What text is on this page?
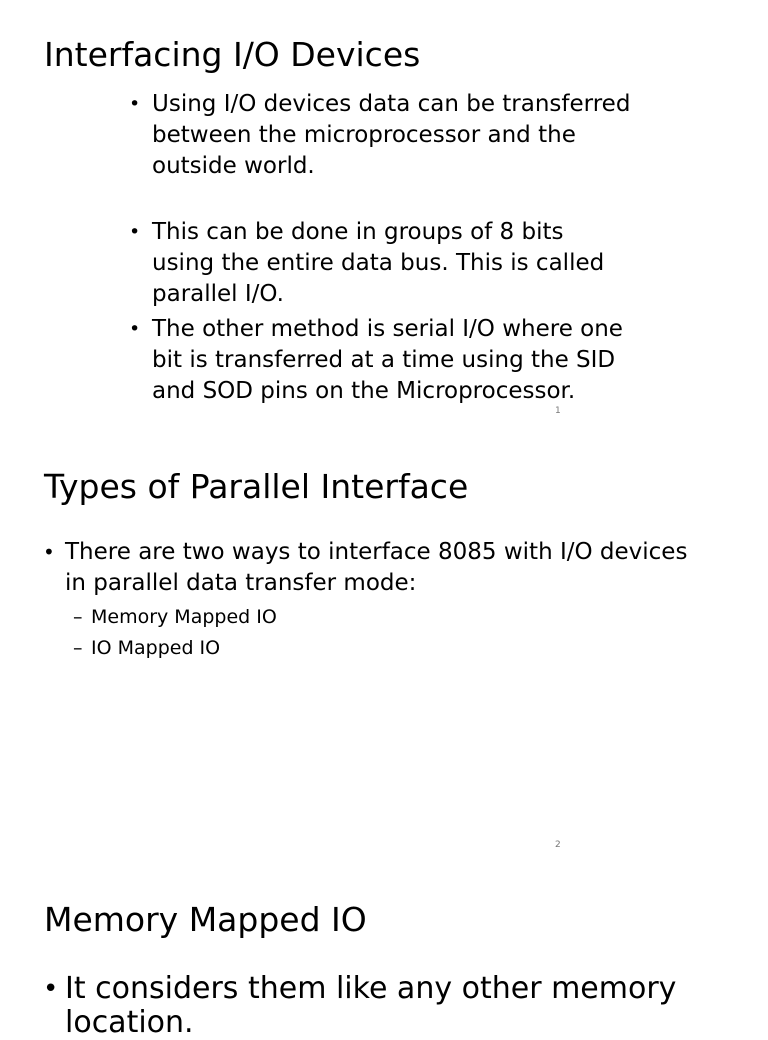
Interfacing I/O Devices

• Using I/O devices data can be transferred between the microprocessor and the outside world.

• This can be done in groups of 8 bits using the entire data bus. This is called parallel I/O.

• The other method is serial I/O where one bit is transferred at a time using the SID and SOD pins on the Microprocessor.

1
Types of Parallel Interface

• There are two ways to interface 8085 with I/O devices in parallel data transfer mode:

– Memory Mapped IO
– IO Mapped IO
2
Memory Mapped IO

• It considers them like any other memory location.
